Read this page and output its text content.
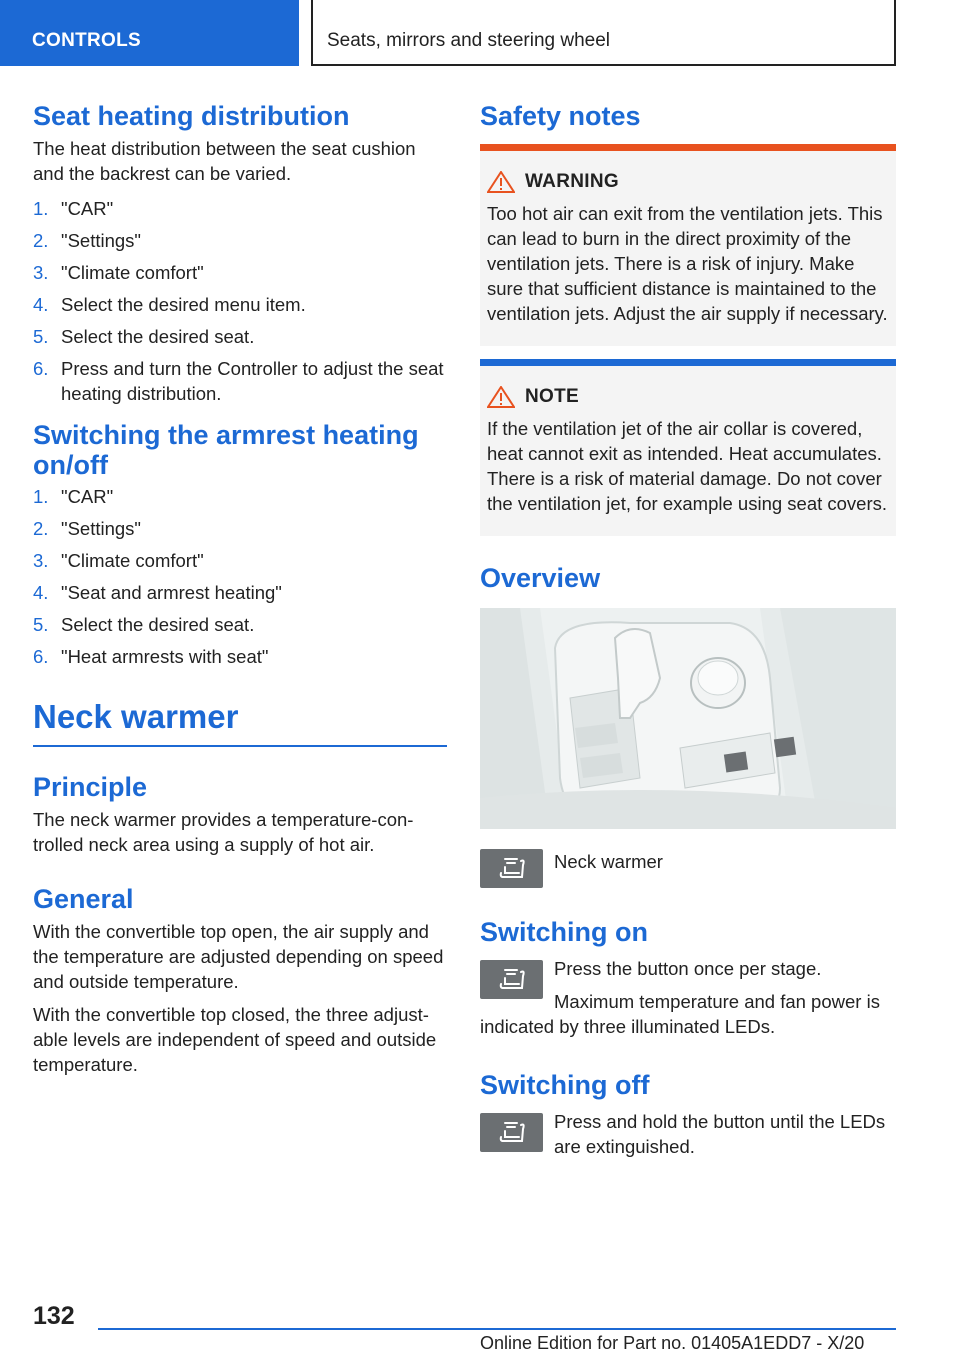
CONTROLS	Seats, mirrors and steering wheel
Seat heating distribution

The heat distribution between the seat cushion and the backrest can be varied.

1. "CAR"
2. "Settings"
3. "Climate comfort"
4. Select the desired menu item.
5. Select the desired seat.
6. Press and turn the Controller to adjust the seat heating distribution.
Switching the armrest heating on/off
1. "CAR"
2. "Settings"
3. "Climate comfort"
4. "Seat and armrest heating"
5. Select the desired seat.
6. "Heat armrests with seat"
Neck warmer
Principle

The neck warmer provides a temperature-controlled neck area using a supply of hot air.

General

With the convertible top open, the air supply and the temperature are adjusted depending on speed and outside temperature.

With the convertible top closed, the three adjustable levels are independent of speed and outside temperature.

Safety notes
WARNING

Too hot air can exit from the ventilation jets. This can lead to burn in the direct proximity of the ventilation jets. There is a risk of injury. Make sure that sufficient distance is maintained to the ventilation jets. Adjust the air supply if necessary.

NOTE

If the ventilation jet of the air collar is covered, heat cannot exit as intended. Heat accumulates. There is a risk of material damage. Do not cover the ventilation jet, for example using seat covers.

Overview
Neck warmer
Switching on

Press the button once per stage.

Maximum temperature and fan power is indicated by three illuminated LEDs.

Switching off

Press and hold the button until the LEDs are extinguished.

132
Online Edition for Part no. 01405A1EDD7 - X/20
